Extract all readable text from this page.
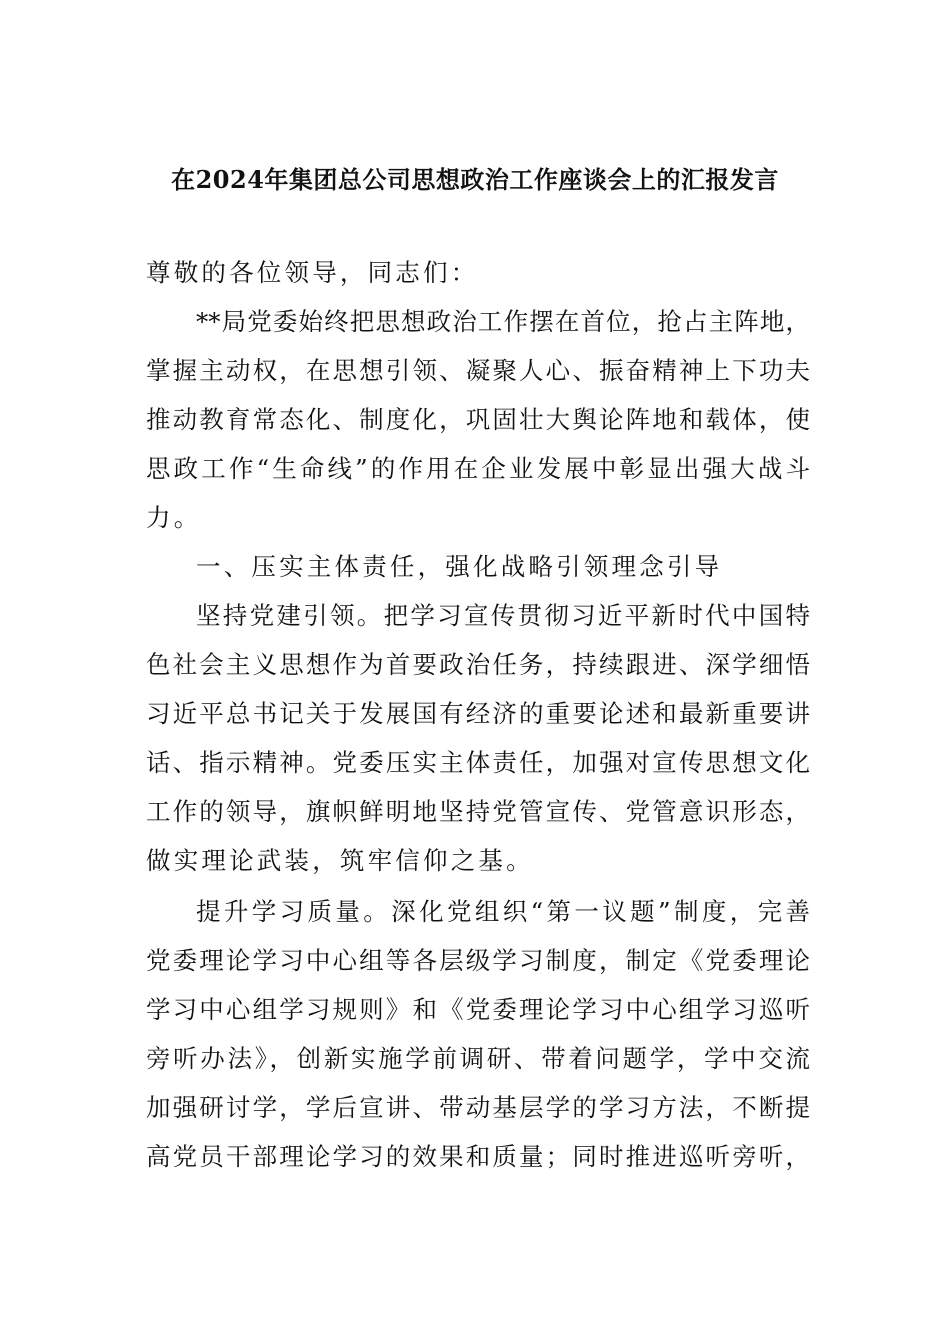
在2024年集团总公司思想政治工作座谈会上的汇报发言
尊敬的各位领导，同志们：
**局党委始终把思想政治工作摆在首位，抢占主阵地，
掌握主动权，在思想引领、凝聚人心、振奋精神上下功夫
推动教育常态化、制度化，巩固壮大舆论阵地和载体，使
思政工作“生命线”的作用在企业发展中彰显出强大战斗
力。
一、压实主体责任，强化战略引领理念引导
坚持党建引领。把学习宣传贯彻习近平新时代中国特
色社会主义思想作为首要政治任务，持续跟进、深学细悟
习近平总书记关于发展国有经济的重要论述和最新重要讲
话、指示精神。党委压实主体责任，加强对宣传思想文化
工作的领导，旗帜鲜明地坚持党管宣传、党管意识形态，
做实理论武装，筑牢信仰之基。
提升学习质量。深化党组织“第一议题”制度，完善
党委理论学习中心组等各层级学习制度，制定《党委理论
学习中心组学习规则》和《党委理论学习中心组学习巡听
旁听办法》，创新实施学前调研、带着问题学，学中交流
加强研讨学，学后宣讲、带动基层学的学习方法，不断提
高党员干部理论学习的效果和质量；同时推进巡听旁听，
